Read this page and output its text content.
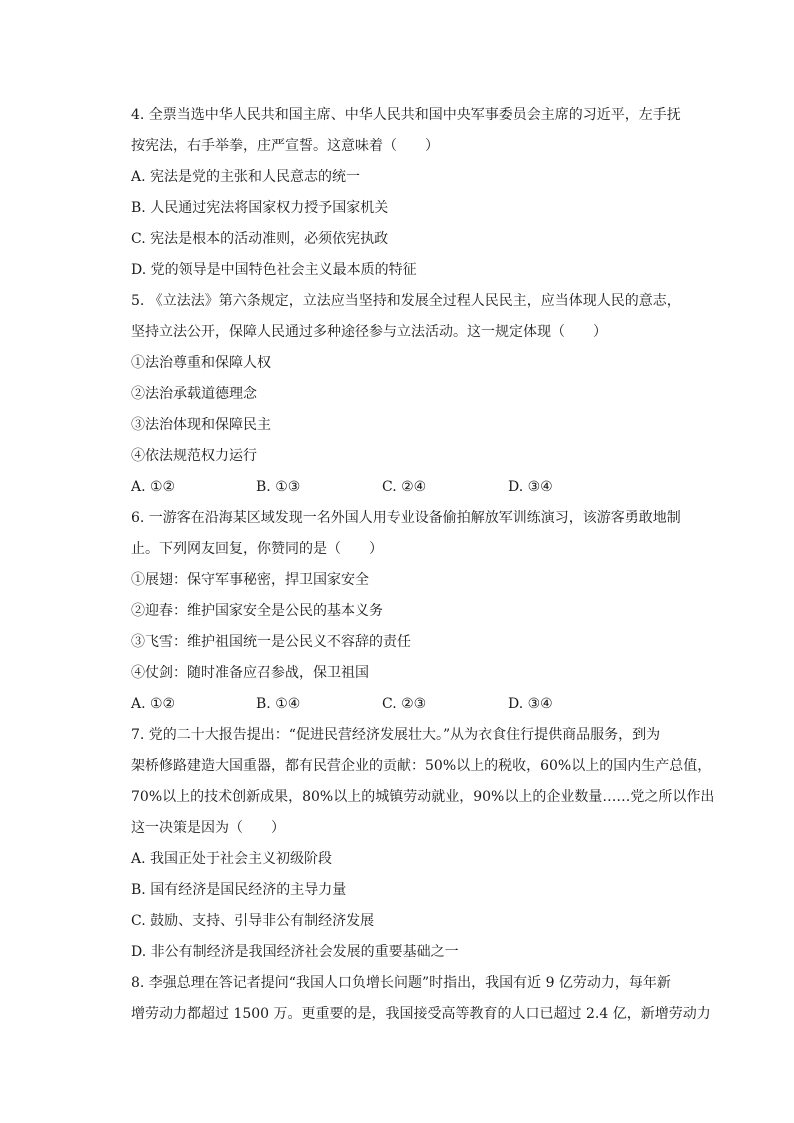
4. 全票当选中华人民共和国主席、中华人民共和国中央军事委员会主席的习近平，左手抚
按宪法，右手举拳，庄严宣誓。这意味着（　　）
A. 宪法是党的主张和人民意志的统一
B. 人民通过宪法将国家权力授予国家机关
C. 宪法是根本的活动准则，必须依宪执政
D. 党的领导是中国特色社会主义最本质的特征
5. 《立法法》第六条规定，立法应当坚持和发展全过程人民民主，应当体现人民的意志，
坚持立法公开，保障人民通过多种途径参与立法活动。这一规定体现（　　）
①法治尊重和保障人权
②法治承载道德理念
③法治体现和保障民主
④依法规范权力运行
A. ①②	B. ①③	C. ②④	D. ③④
6. 一游客在沿海某区域发现一名外国人用专业设备偷拍解放军训练演习，该游客勇敢地制
止。下列网友回复，你赞同的是（　　）
①展翅：保守军事秘密，捍卫国家安全
②迎春：维护国家安全是公民的基本义务
③飞雪：维护祖国统一是公民义不容辞的责任
④仗剑：随时准备应召参战，保卫祖国
A. ①②	B. ①④	C. ②③	D. ③④
7. 党的二十大报告提出：“促进民营经济发展壮大。”从为衣食住行提供商品服务，到为
架桥修路建造大国重器，都有民营企业的贡献：50%以上的税收，60%以上的国内生产总值，
70%以上的技术创新成果，80%以上的城镇劳动就业，90%以上的企业数量……党之所以作出
这一决策是因为（　　）
A. 我国正处于社会主义初级阶段
B. 国有经济是国民经济的主导力量
C. 鼓励、支持、引导非公有制经济发展
D. 非公有制经济是我国经济社会发展的重要基础之一
8. 李强总理在答记者提问“我国人口负增长问题”时指出，我国有近 9 亿劳动力，每年新
增劳动力都超过 1500 万。更重要的是，我国接受高等教育的人口已超过 2.4 亿，新增劳动力
